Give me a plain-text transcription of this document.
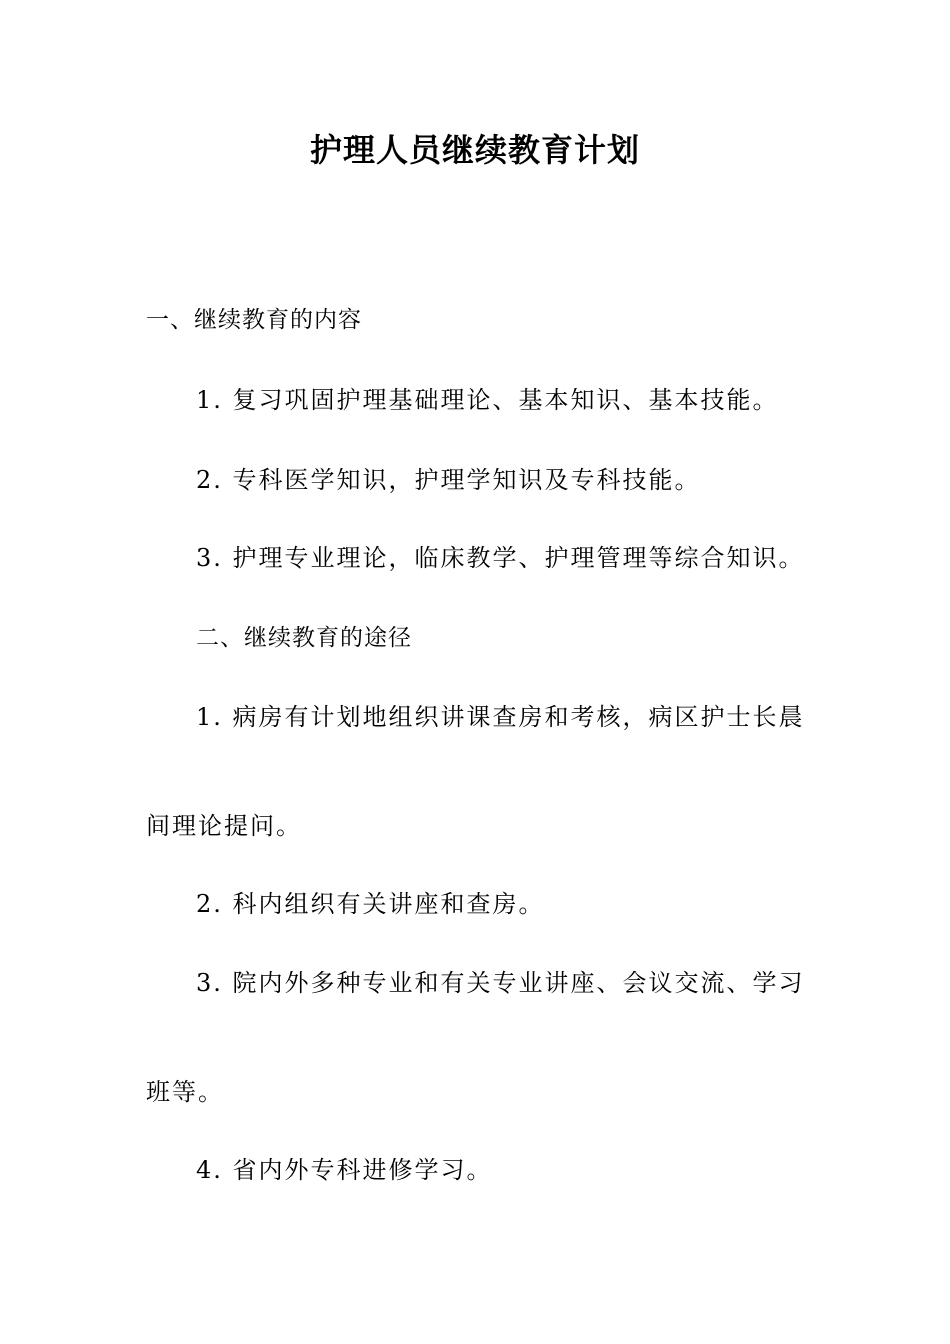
护理人员继续教育计划
一、继续教育的内容
1. 复习巩固护理基础理论、基本知识、基本技能。
2. 专科医学知识，护理学知识及专科技能。
3. 护理专业理论，临床教学、护理管理等综合知识。
二、继续教育的途径
1. 病房有计划地组织讲课查房和考核，病区护士长晨
间理论提问。
2. 科内组织有关讲座和查房。
3. 院内外多种专业和有关专业讲座、会议交流、学习
班等。
4. 省内外专科进修学习。
